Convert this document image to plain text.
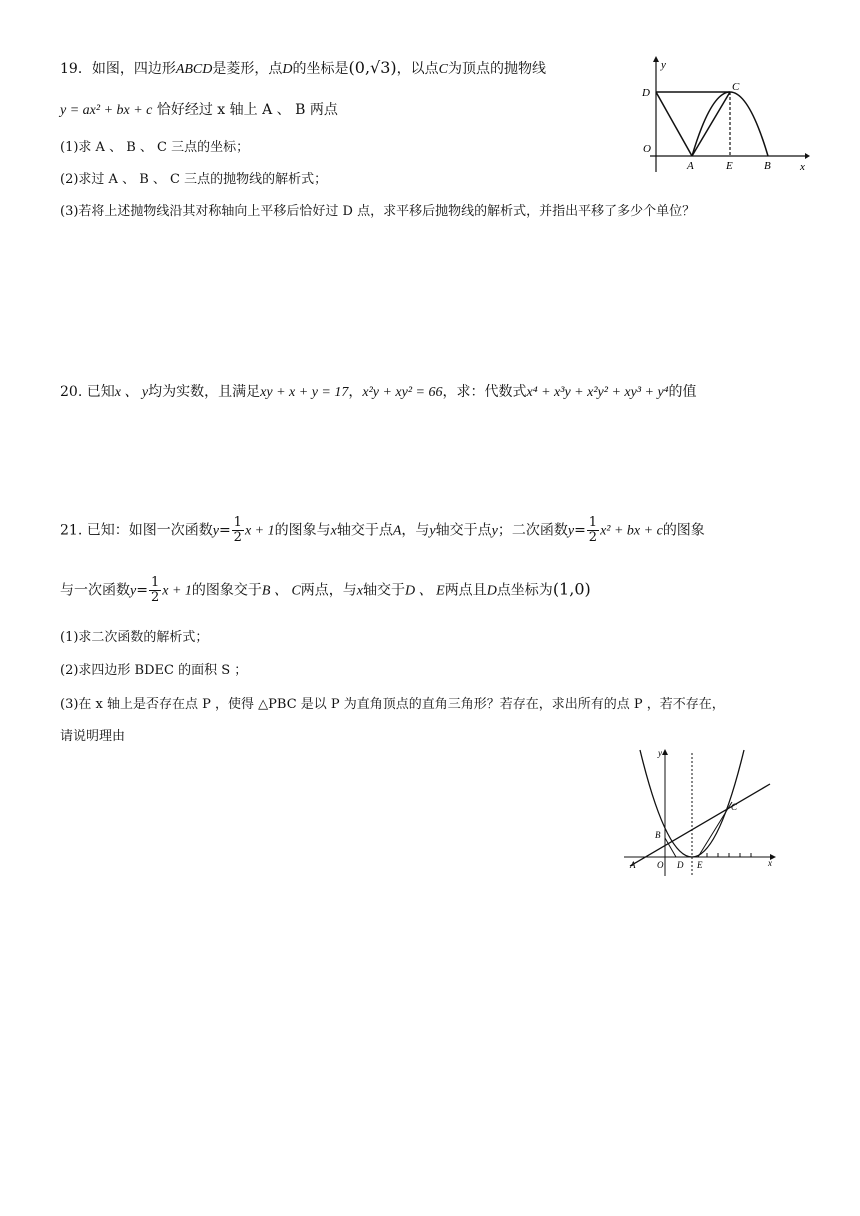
19．如图，四边形ABCD是菱形，点D的坐标是(0,√3)，以点C为顶点的抛物线
y = ax² + bx + c 恰好经过 x 轴上 A 、 B 两点
(1)求 A 、 B 、 C 三点的坐标；
(2)求过 A 、 B 、 C 三点的抛物线的解析式；
(3)若将上述抛物线沿其对称轴向上平移后恰好过 D 点，求平移后抛物线的解析式，并指出平移了多少个单位？
y
x
C
D
O
A	E	B
20. 已知x 、 y均为实数，且满足xy + x + y = 17，x²y + xy² = 66，求：代数式x⁴ + x³y + x²y² + xy³ + y⁴的值
21. 已知：如图一次函数$y= \frac{1}{2}$ x + 1的图象与x轴交于点A，与y轴交于点y；二次函数$y= \frac{1}{2} x^2$ + bx + c的图象
与一次函数$y= \frac{1}{2}$ x + 1的图象交于B 、 C两点，与x轴交于D 、 E两点且D点坐标为(1,0)
(1)求二次函数的解析式；
(2)求四边形 BDEC 的面积 S ；
(3)在 x 轴上是否存在点 P ，使得 △PBC 是以 P 为直角顶点的直角三角形？若存在，求出所有的点 P ，若不存在，
请说明理由
y
x
A
B
C
O D E
